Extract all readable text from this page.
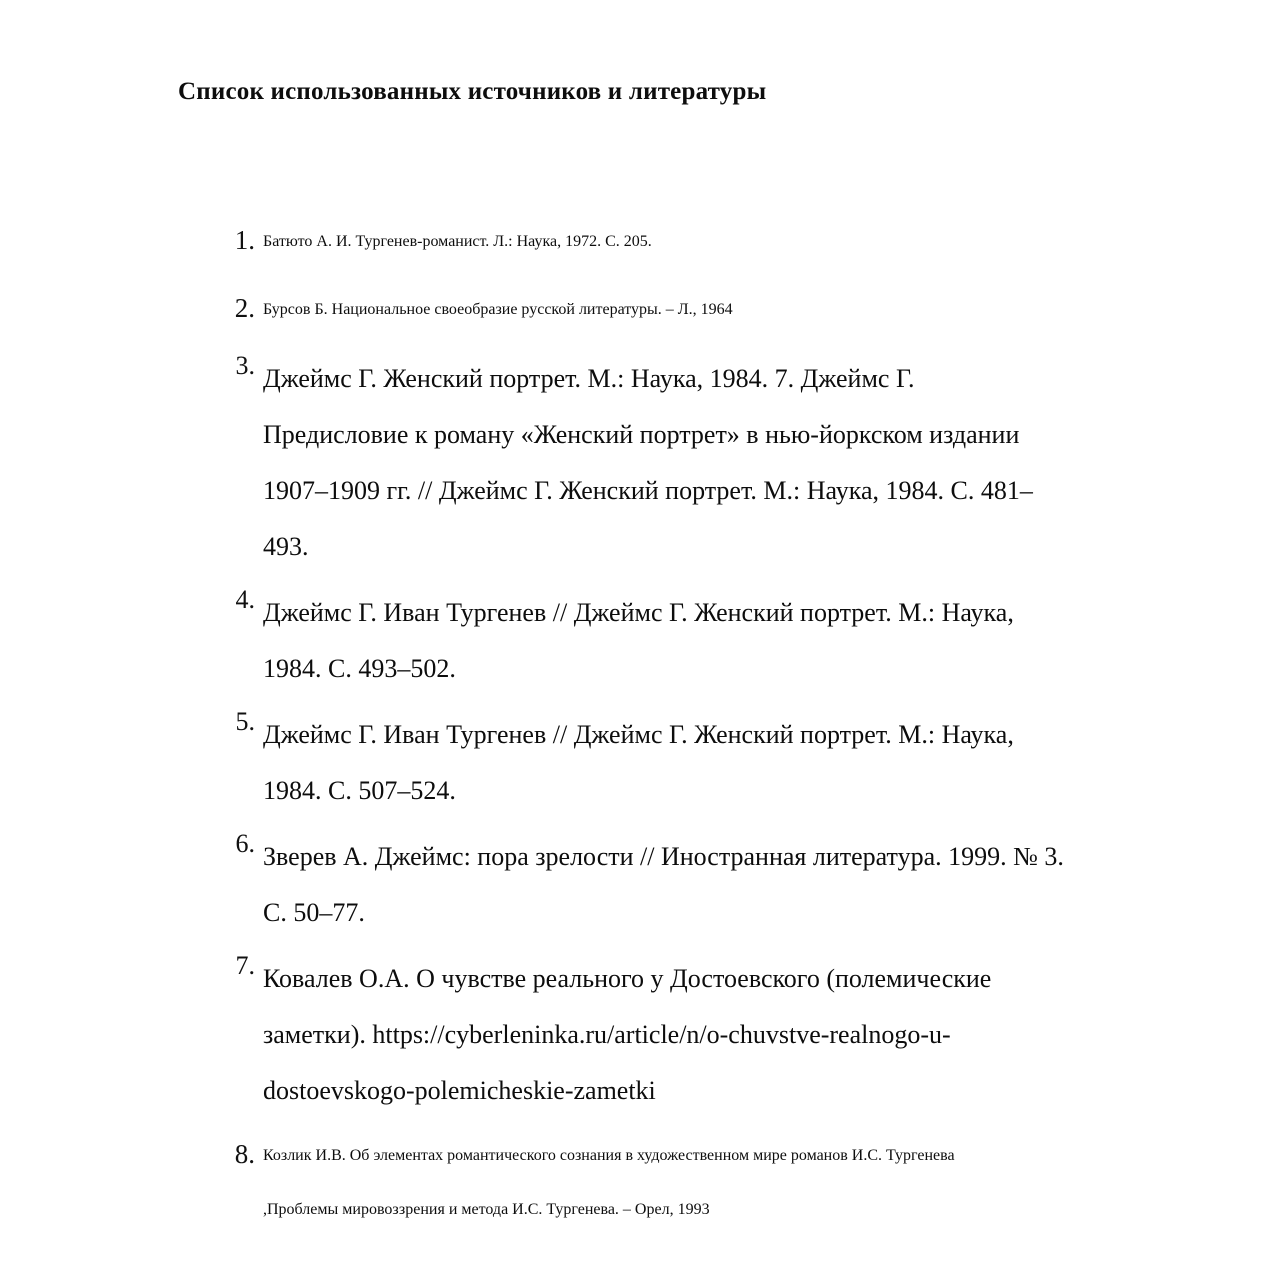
Список использованных источников и литературы
1. Батюто А. И. Тургенев-романист. Л.: Наука, 1972. С. 205.
2. Бурсов Б. Национальное своеобразие русской литературы. – Л., 1964
3. Джеймс Г. Женский портрет. М.: Наука, 1984. 7. Джеймс Г.
Предисловие к роману «Женский портрет» в нью-йоркском издании
1907–1909 гг. // Джеймс Г. Женский портрет. М.: Наука, 1984. С. 481–
493.
4. Джеймс Г. Иван Тургенев // Джеймс Г. Женский портрет. М.: Наука,
1984. С. 493–502.
5. Джеймс Г. Иван Тургенев // Джеймс Г. Женский портрет. М.: Наука,
1984. С. 507–524.
6. Зверев А. Джеймс: пора зрелости // Иностранная литература. 1999. № 3.
С. 50–77.
7. Ковалев О.А. О чувстве реального у Достоевского (полемические
заметки). https://cyberleninka.ru/article/n/o-chuvstve-realnogo-u-
dostoevskogo-polemicheskie-zametki
8. Козлик И.В. Об элементах романтического сознания в художественном мире романов И.С. Тургенева
,Проблемы мировоззрения и метода И.С. Тургенева. – Орел, 1993
